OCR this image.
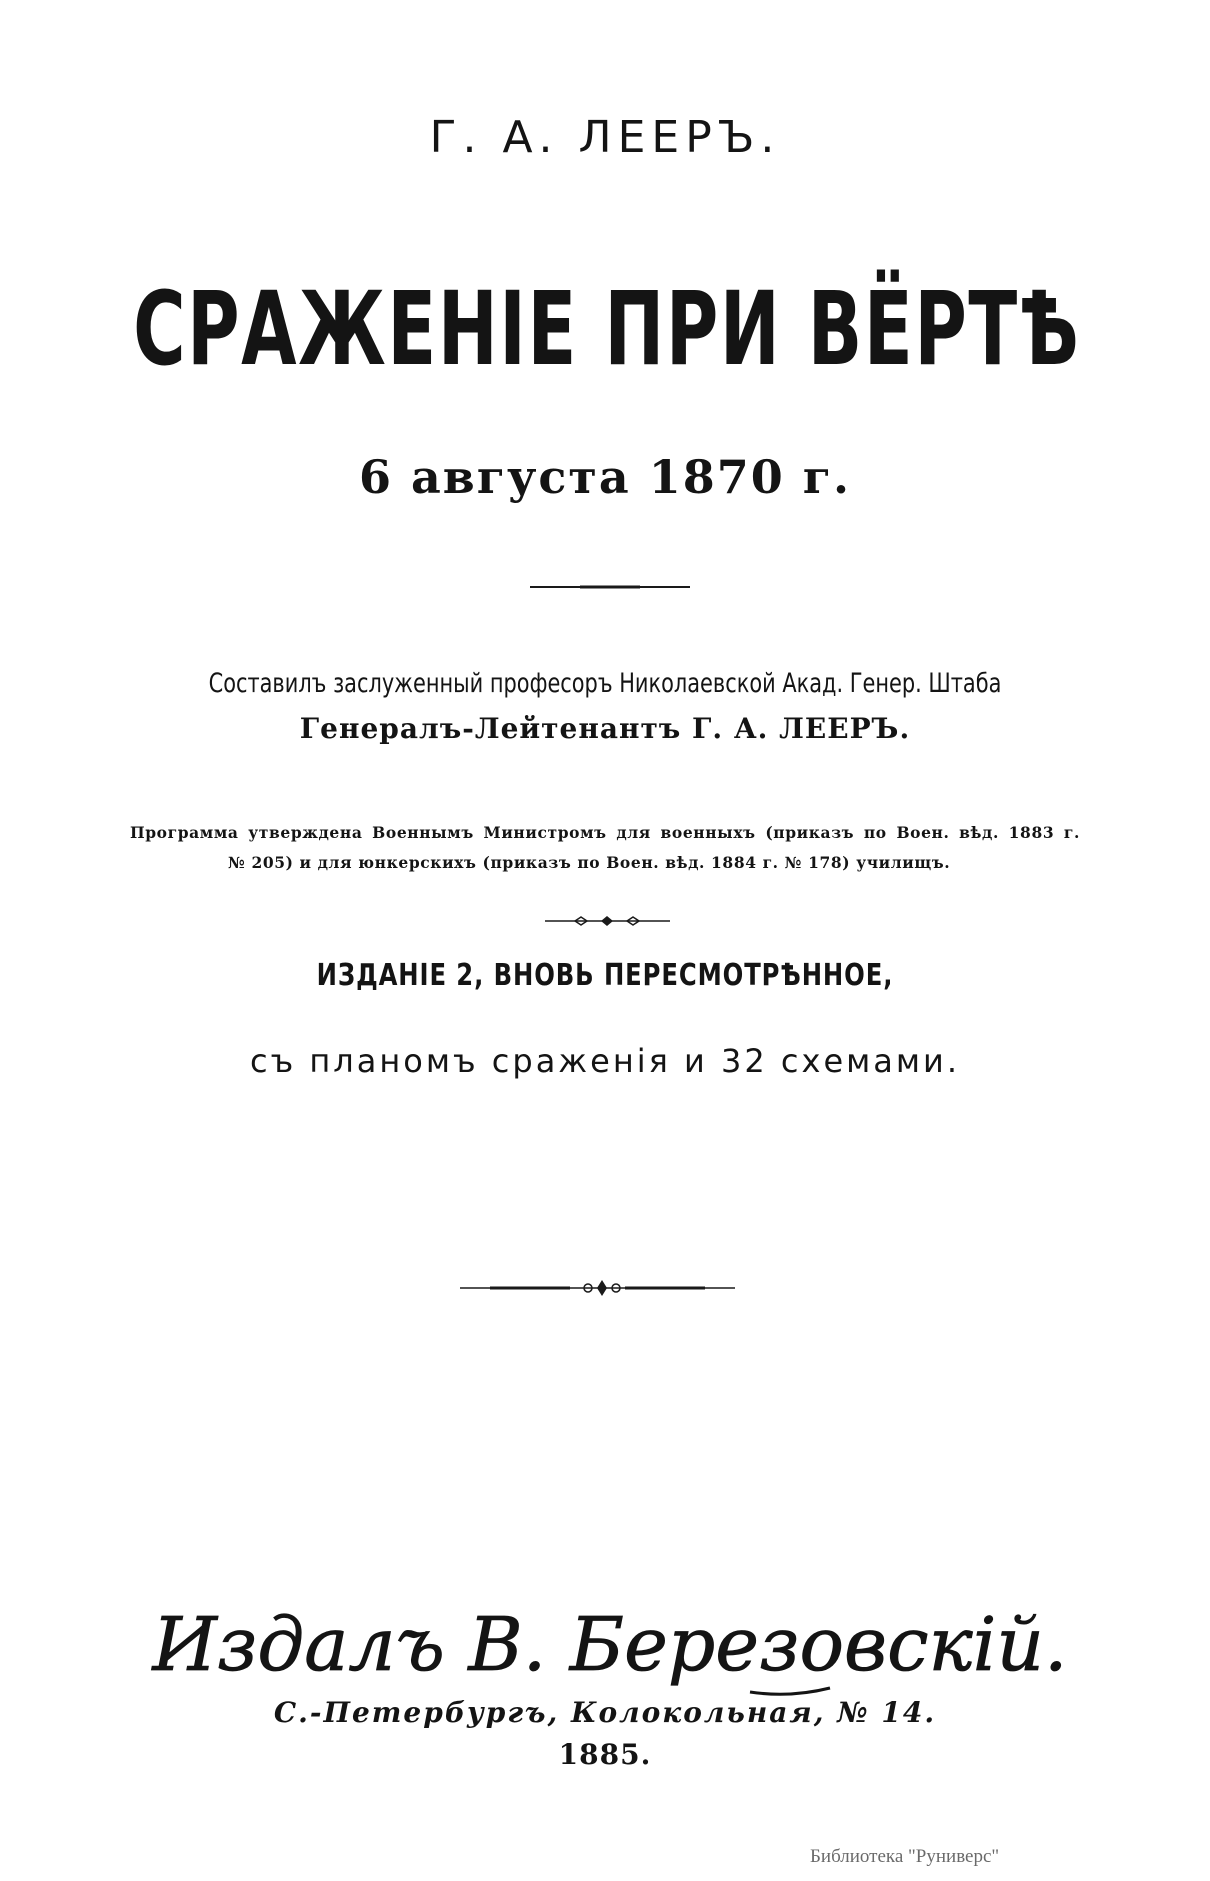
Г. А. ЛЕЕРЪ.
СРАЖЕНІЕ ПРИ ВЁРТѢ
6 августа 1870 г.
Составилъ заслуженный професоръ Николаевской Акад. Генер. Штаба
Генералъ-Лейтенантъ Г. А. ЛЕЕРЪ.
Программа утверждена Военнымъ Министромъ для военныхъ (приказъ по Воен. вѣд. 1883 г.
№ 205) и для юнкерскихъ (приказъ по Воен. вѣд. 1884 г. № 178) училищъ.
ИЗДАНІЕ 2, ВНОВЬ ПЕРЕСМОТРѢННОЕ,
съ планомъ сраженія и 32 схемами.
Издалъ В. Березовскій.
С.-Петербургъ, Колокольная, № 14.
1885.
Библиотека "Руниверс"
